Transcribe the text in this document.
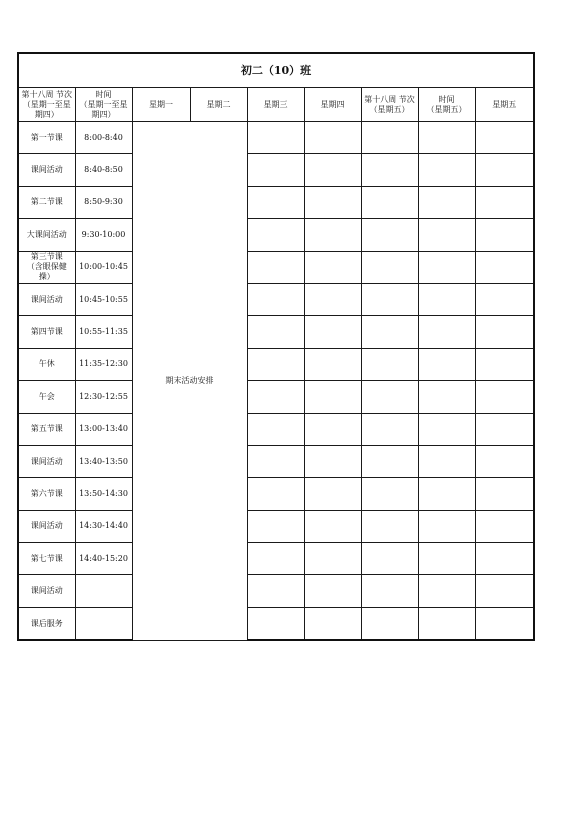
初二（10）班								

第十八周 节次
（星期一至星
期四）	时间
（星期一至星
期四）	星期一	星期二	星期三	星期四	第十八周 节次
（星期五）	时间
（星期五）	星期五

第一节课	8:00-8:40	期末活动安排						

课间活动	8:40-8:50							

第二节课	8:50-9:30							

大课间活动	9:30-10:00							

第三节课
（含眼保健
操）	10:00-10:45							

课间活动	10:45-10:55							

第四节课	10:55-11:35							

午休	11:35-12:30							

午会	12:30-12:55							

第五节课	13:00-13:40							

课间活动	13:40-13:50							

第六节课	13:50-14:30							

课间活动	14:30-14:40							

第七节课	14:40-15:20							

课间活动								

课后服务								
